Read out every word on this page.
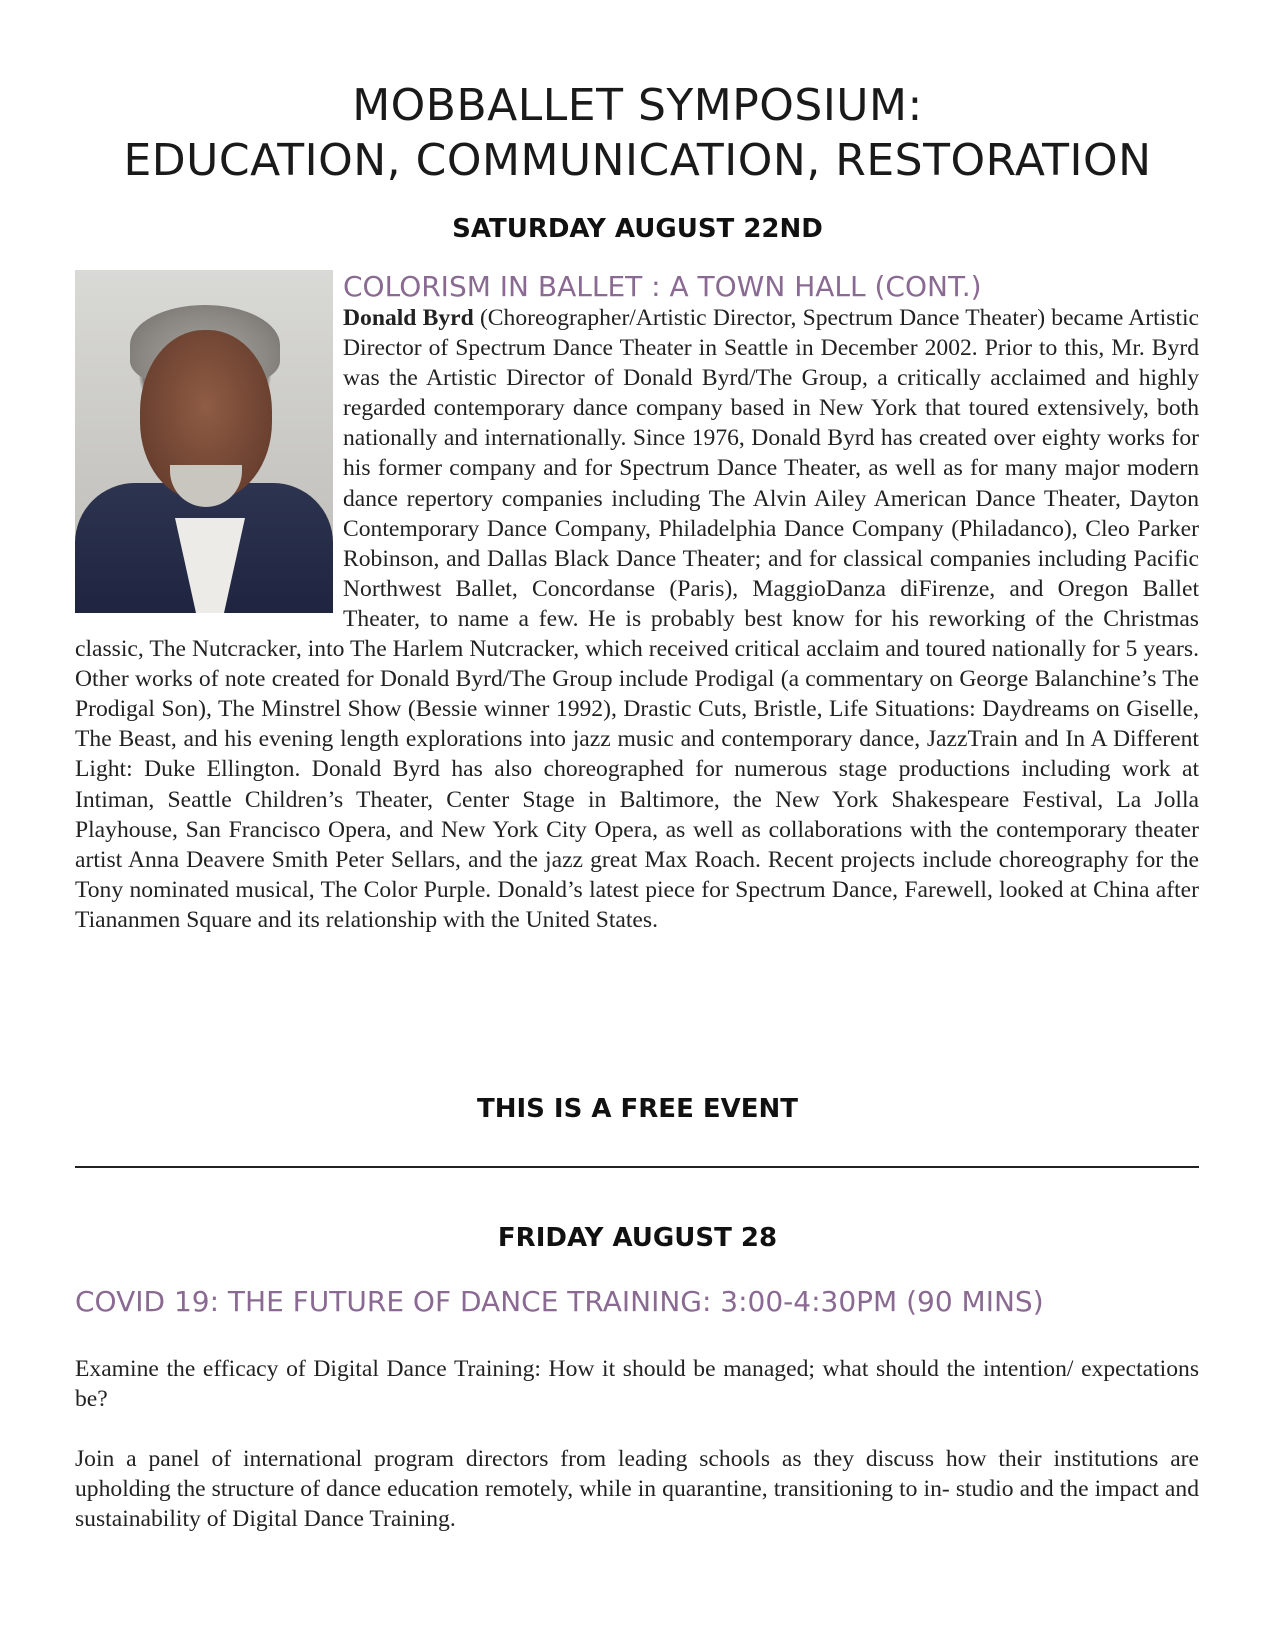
MOBBALLET SYMPOSIUM:
EDUCATION, COMMUNICATION, RESTORATION
SATURDAY AUGUST 22ND
COLORISM IN BALLET : A TOWN HALL (CONT.)

Donald Byrd (Choreographer/Artistic Director, Spectrum Dance Theater) became Artistic Director of Spectrum Dance Theater in Seattle in December 2002. Prior to this, Mr. Byrd was the Artistic Director of Donald Byrd/The Group, a critically acclaimed and highly regarded contemporary dance company based in New York that toured extensively, both nationally and internationally. Since 1976, Donald Byrd has created over eighty works for his former company and for Spectrum Dance Theater, as well as for many major modern dance repertory companies including The Alvin Ailey American Dance Theater, Dayton Contemporary Dance Company, Philadelphia Dance Company (Philadanco), Cleo Parker Robinson, and Dallas Black Dance Theater; and for classical companies including Pacific Northwest Ballet, Concordanse (Paris), MaggioDanza diFirenze, and Oregon Ballet Theater, to name a few. He is probably best know for his reworking of the Christmas classic, The Nutcracker, into The Harlem Nutcracker, which received critical acclaim and toured nationally for 5 years. Other works of note created for Donald Byrd/The Group include Prodigal (a commentary on George Balanchine’s The Prodigal Son), The Minstrel Show (Bessie winner 1992), Drastic Cuts, Bristle, Life Situations: Daydreams on Giselle, The Beast, and his evening length explorations into jazz music and contemporary dance, JazzTrain and In A Different Light: Duke Ellington. Donald Byrd has also choreographed for numerous stage productions including work at Intiman, Seattle Children’s Theater, Center Stage in Baltimore, the New York Shakespeare Festival, La Jolla Playhouse, San Francisco Opera, and New York City Opera, as well as collaborations with the contemporary theater artist Anna Deavere Smith Peter Sellars, and the jazz great Max Roach. Recent projects include choreography for the Tony nominated musical, The Color Purple. Donald’s latest piece for Spectrum Dance, Farewell, looked at China after Tiananmen Square and its relationship with the United States.

THIS IS A FREE EVENT

FRIDAY AUGUST 28
COVID 19: THE FUTURE OF DANCE TRAINING: 3:00-4:30PM (90 MINS)

Examine the efficacy of Digital Dance Training: How it should be managed; what should the intention/ expectations be?

Join a panel of international program directors from leading schools as they discuss how their institutions are upholding the structure of dance education remotely, while in quarantine, transitioning to in- studio and the impact and sustainability of Digital Dance Training.
